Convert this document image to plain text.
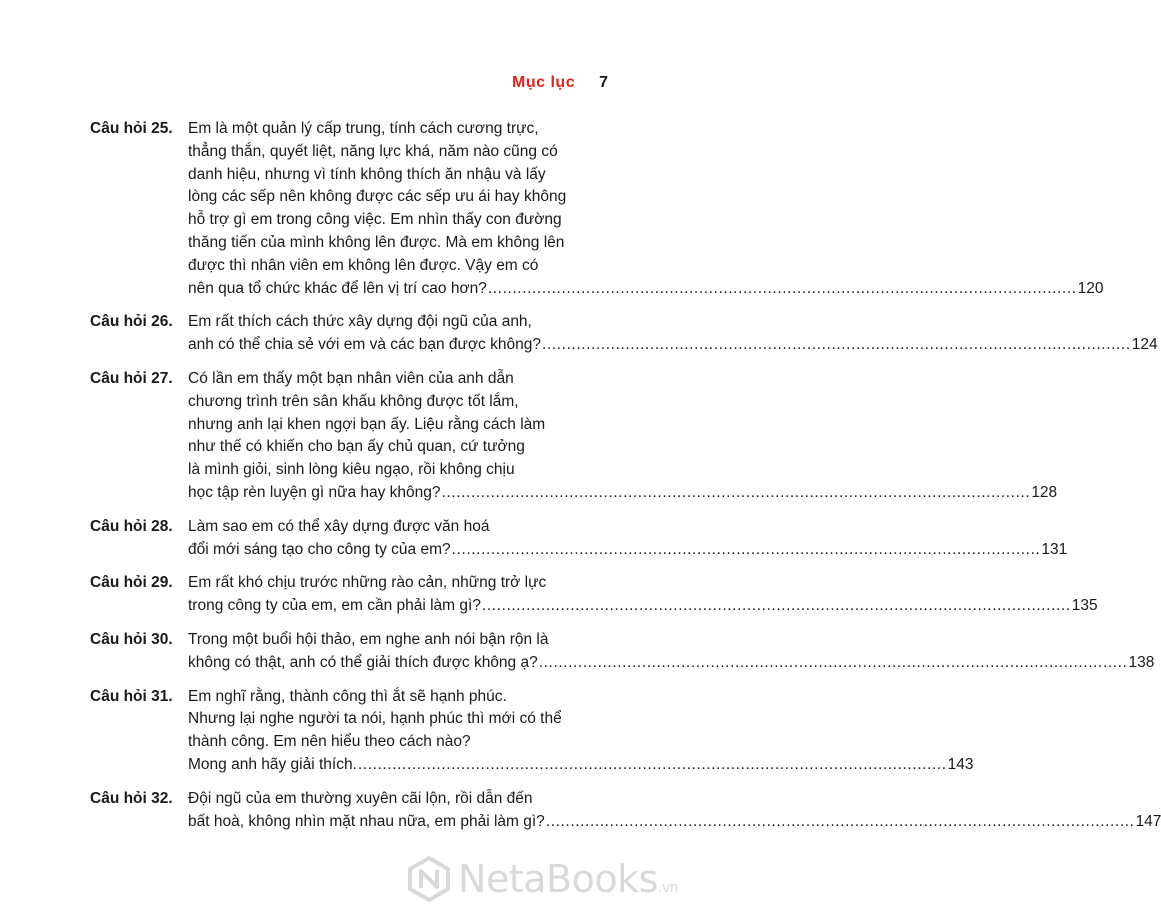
Mục lục 7
Câu hỏi 25. Em là một quản lý cấp trung, tính cách cương trực,
thẳng thắn, quyết liệt, năng lực khá, năm nào cũng có
danh hiệu, nhưng vì tính không thích ăn nhậu và lấy
lòng các sếp nên không được các sếp ưu ái hay không
hỗ trợ gì em trong công việc. Em nhìn thấy con đường
thăng tiến của mình không lên được. Mà em không lên
được thì nhân viên em không lên được. Vậy em có
nên qua tổ chức khác để lên vị trí cao hơn? .....	120
Câu hỏi 26. Em rất thích cách thức xây dựng đội ngũ của anh,
anh có thể chia sẻ với em và các bạn được không? .....	124
Câu hỏi 27. Có lần em thấy một bạn nhân viên của anh dẫn
chương trình trên sân khấu không được tốt lắm,
nhưng anh lại khen ngợi bạn ấy. Liệu rằng cách làm
như thế có khiến cho bạn ấy chủ quan, cứ tưởng
là mình giỏi, sinh lòng kiêu ngạo, rồi không chịu
học tập rèn luyện gì nữa hay không? .....	128
Câu hỏi 28. Làm sao em có thể xây dựng được văn hoá
đổi mới sáng tạo cho công ty của em? .....	131
Câu hỏi 29. Em rất khó chịu trước những rào cản, những trở lực
trong công ty của em, em cần phải làm gì? .....	135
Câu hỏi 30. Trong một buổi hội thảo, em nghe anh nói bận rộn là
không có thật, anh có thể giải thích được không ạ? .....	138
Câu hỏi 31. Em nghĩ rằng, thành công thì ắt sẽ hạnh phúc.
Nhưng lại nghe người ta nói, hạnh phúc thì mới có thể
thành công. Em nên hiểu theo cách nào?
Mong anh hãy giải thích. .....	143
Câu hỏi 32. Đội ngũ của em thường xuyên cãi lộn, rồi dẫn đến
bất hoà, không nhìn mặt nhau nữa, em phải làm gì? .....	147
NetaBooks.vn
